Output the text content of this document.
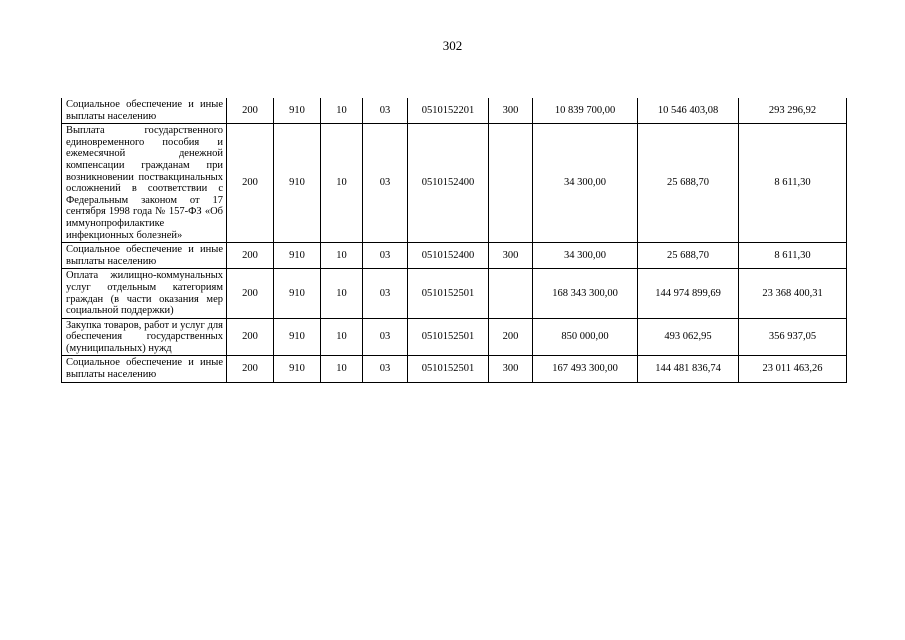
302
Социальное обеспечение и иные выплаты населению	200	910	10	03	0510152201	300	10 839 700,00	10 546 403,08	293 296,92
Выплата государственного единовременного пособия и ежемесячной денежной компенсации гражданам при возникновении поствакцинальных осложнений в соответствии с Федеральным законом от 17 сентября 1998 года № 157-ФЗ «Об иммунопрофилактике инфекционных болезней»	200	910	10	03	0510152400		34 300,00	25 688,70	8 611,30
Социальное обеспечение и иные выплаты населению	200	910	10	03	0510152400	300	34 300,00	25 688,70	8 611,30
Оплата жилищно-коммунальных услуг отдельным категориям граждан (в части оказания мер социальной поддержки)	200	910	10	03	0510152501		168 343 300,00	144 974 899,69	23 368 400,31
Закупка товаров, работ и услуг для обеспечения государственных (муниципальных) нужд	200	910	10	03	0510152501	200	850 000,00	493 062,95	356 937,05
Социальное обеспечение и иные выплаты населению	200	910	10	03	0510152501	300	167 493 300,00	144 481 836,74	23 011 463,26
